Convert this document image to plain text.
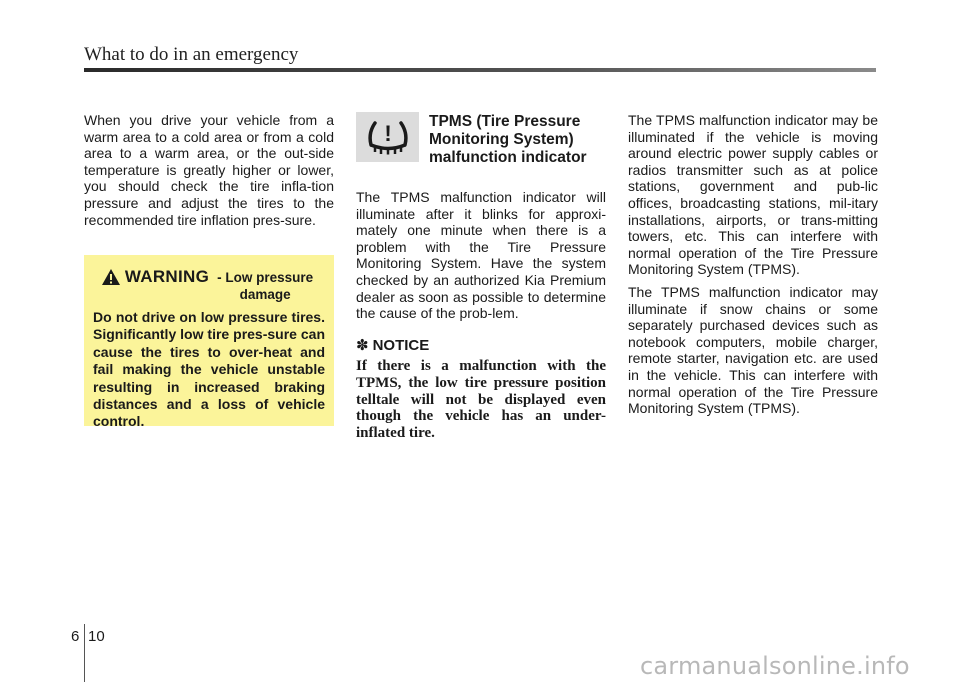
What to do in an emergency

When you drive your vehicle from a warm area to a cold area or from a cold area to a warm area, or the out-side temperature is greatly higher or lower, you should check the tire infla-tion pressure and adjust the tires to the recommended tire inflation pres-sure.

WARNING - Low pressure damage
Do not drive on low pressure tires. Significantly low tire pres-sure can cause the tires to over-heat and fail making the vehicle unstable resulting in increased braking distances and a loss of vehicle control.
! TPMS (Tire Pressure Monitoring System) malfunction indicator

The TPMS malfunction indicator will illuminate after it blinks for approxi-mately one minute when there is a problem with the Tire Pressure Monitoring System. Have the system checked by an authorized Kia Premium dealer as soon as possible to determine the cause of the prob-lem.

✽ NOTICE
If there is a malfunction with the TPMS, the low tire pressure position telltale will not be displayed even though the vehicle has an under-inflated tire.

The TPMS malfunction indicator may be illuminated if the vehicle is moving around electric power supply cables or radios transmitter such as at police stations, government and pub-lic offices, broadcasting stations, mil-itary installations, airports, or trans-mitting towers, etc. This can interfere with normal operation of the Tire Pressure Monitoring System (TPMS).

The TPMS malfunction indicator may illuminate if snow chains or some separately purchased devices such as notebook computers, mobile charger, remote starter, navigation etc. are used in the vehicle. This can interfere with normal operation of the Tire Pressure Monitoring System (TPMS).

6 10
carmanualsonline.info
